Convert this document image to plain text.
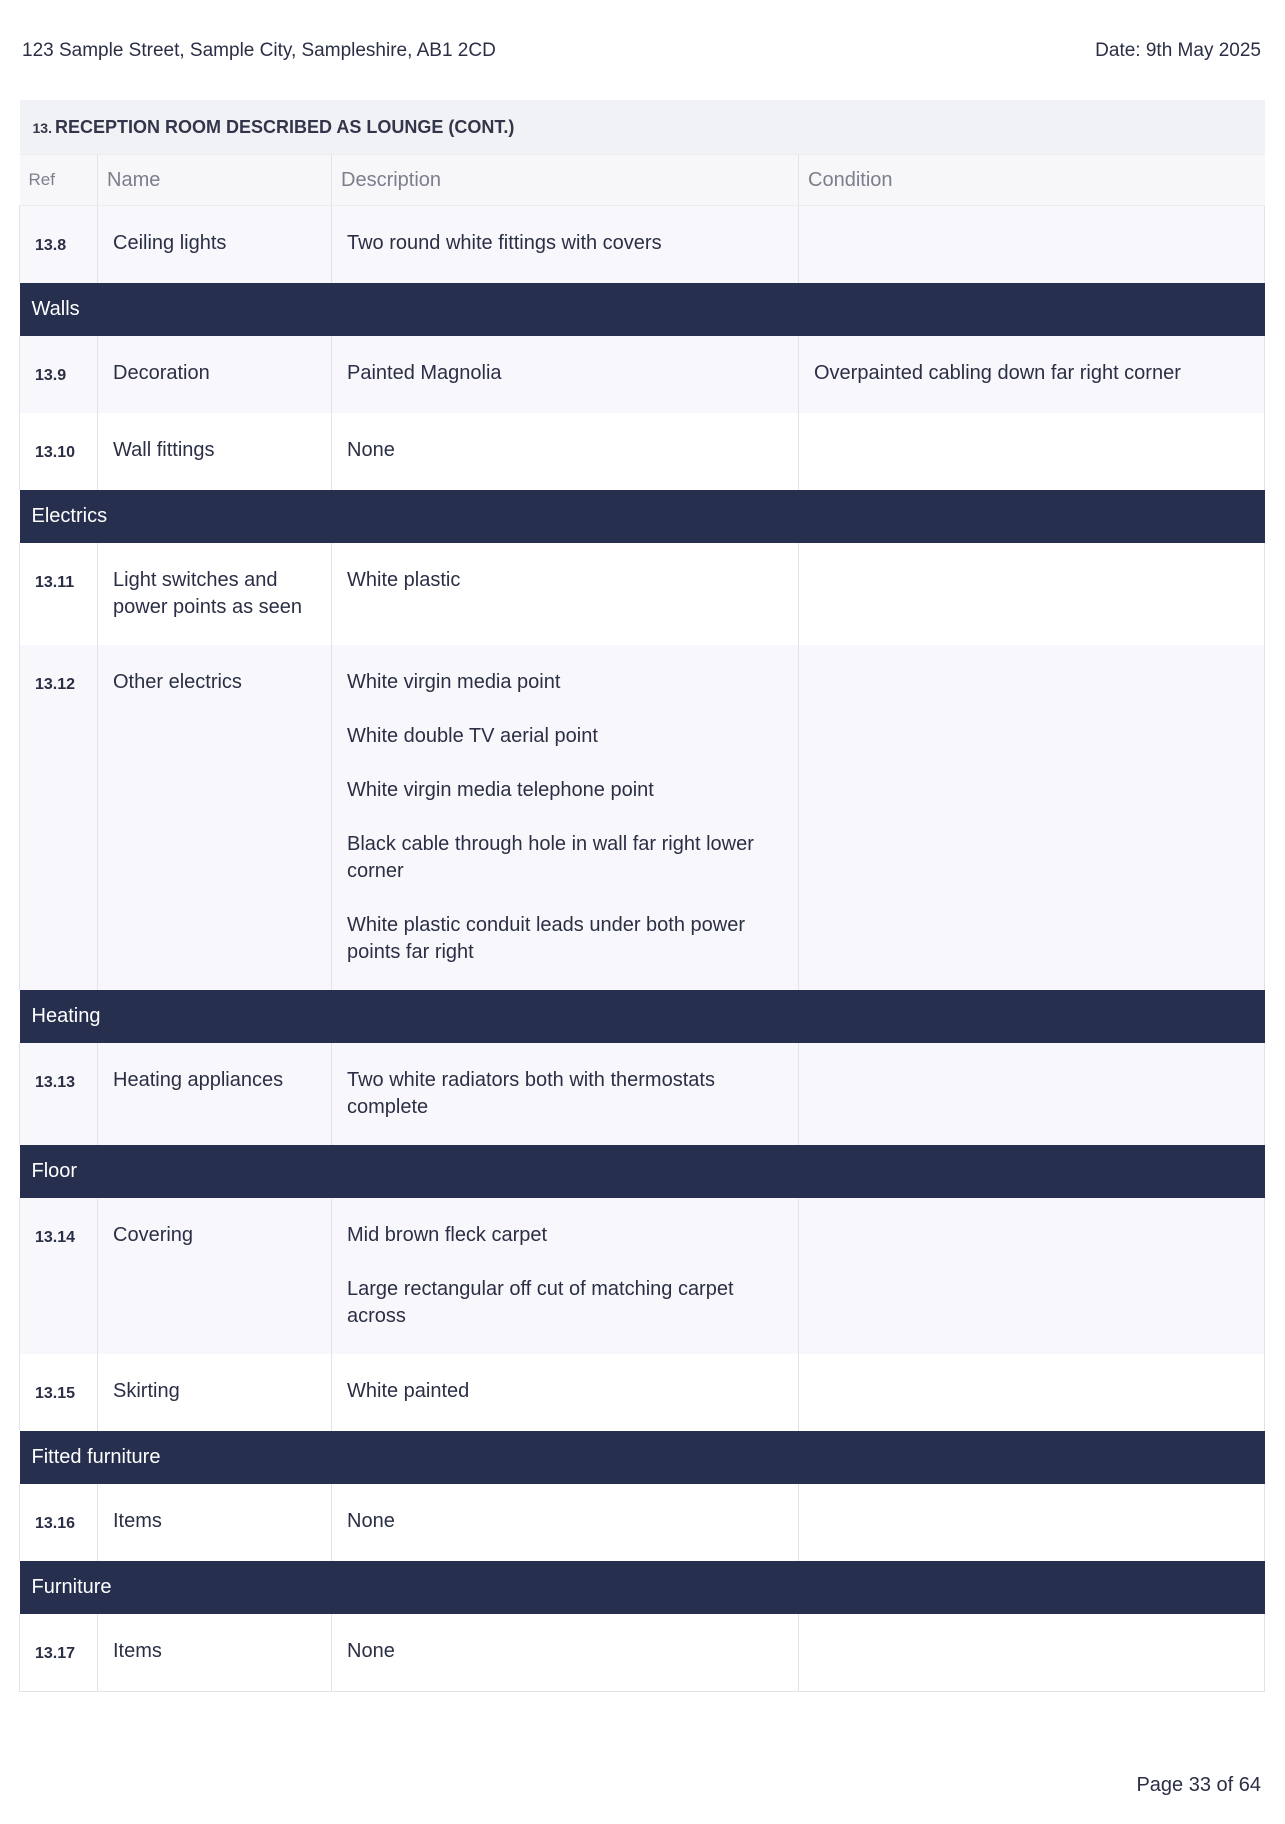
123 Sample Street, Sample City, Sampleshire, AB1 2CD	Date: 9th May 2025
13. RECEPTION ROOM DESCRIBED AS LOUNGE (CONT.)			
Ref	Name	Description	Condition
13.8	Ceiling lights	Two round white fittings with covers	

Walls			
13.9	Decoration	Painted Magnolia	Overpainted cabling down far right corner
13.10	Wall fittings	None	

Electrics			
13.11	Light switches and power points as seen	White plastic	

13.12	Other electrics	White virgin media point
White double TV aerial point
White virgin media telephone point
Black cable through hole in wall far right lower corner
White plastic conduit leads under both power points far right	

Heating			
13.13	Heating appliances	Two white radiators both with thermostats complete	

Floor			
13.14	Covering	Mid brown fleck carpet
Large rectangular off cut of matching carpet across	

13.15	Skirting	White painted	

Fitted furniture			
13.16	Items	None	

Furniture			
13.17	Items	None	

Page 33 of 64
